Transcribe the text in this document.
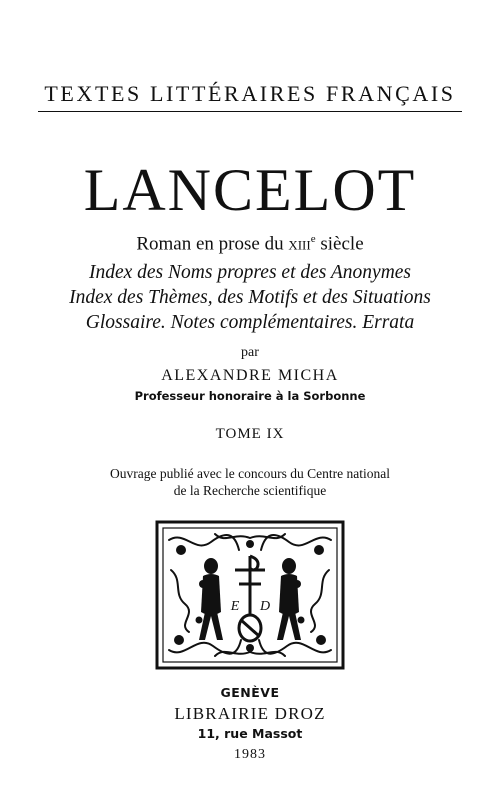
TEXTES LITTÉRAIRES FRANÇAIS
LANCELOT
Roman en prose du xiii$^e$ siècle
Index des Noms propres et des Anonymes
Index des Thèmes, des Motifs et des Situations
Glossaire. Notes complémentaires. Errata
par
ALEXANDRE MICHA
Professeur honoraire à la Sorbonne
TOME IX
Ouvrage publié avec le concours du Centre national
de la Recherche scientifique
E D
GENÈVE
LIBRAIRIE DROZ
11, rue Massot
1983
